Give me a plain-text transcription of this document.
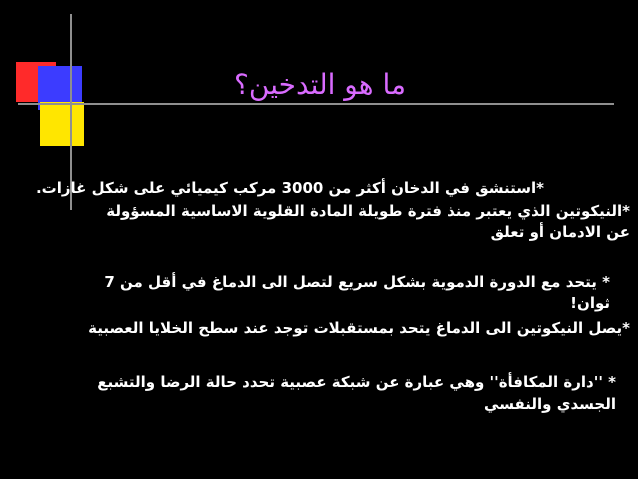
ما هو التدخين؟
*استنشق في الدخان أكثر من 3000 مركب كيميائي على شكل غازات.
*النيكوتين الذي يعتبر منذ فترة طويلة المادة القلوية الاساسية المسؤولة
عن الادمان أو تعلق
* يتحد مع الدورة الدموية بشكل سريع لتصل الى الدماغ في أقل من 7
ثوان!
*يصل النيكوتين الى الدماغ يتحد بمستقبلات توجد عند سطح الخلايا العصبية
* ''دارة المكافأة'' وهي عبارة عن شبكة عصبية تحدد حالة الرضا والتشبع
الجسدي والنفسي
